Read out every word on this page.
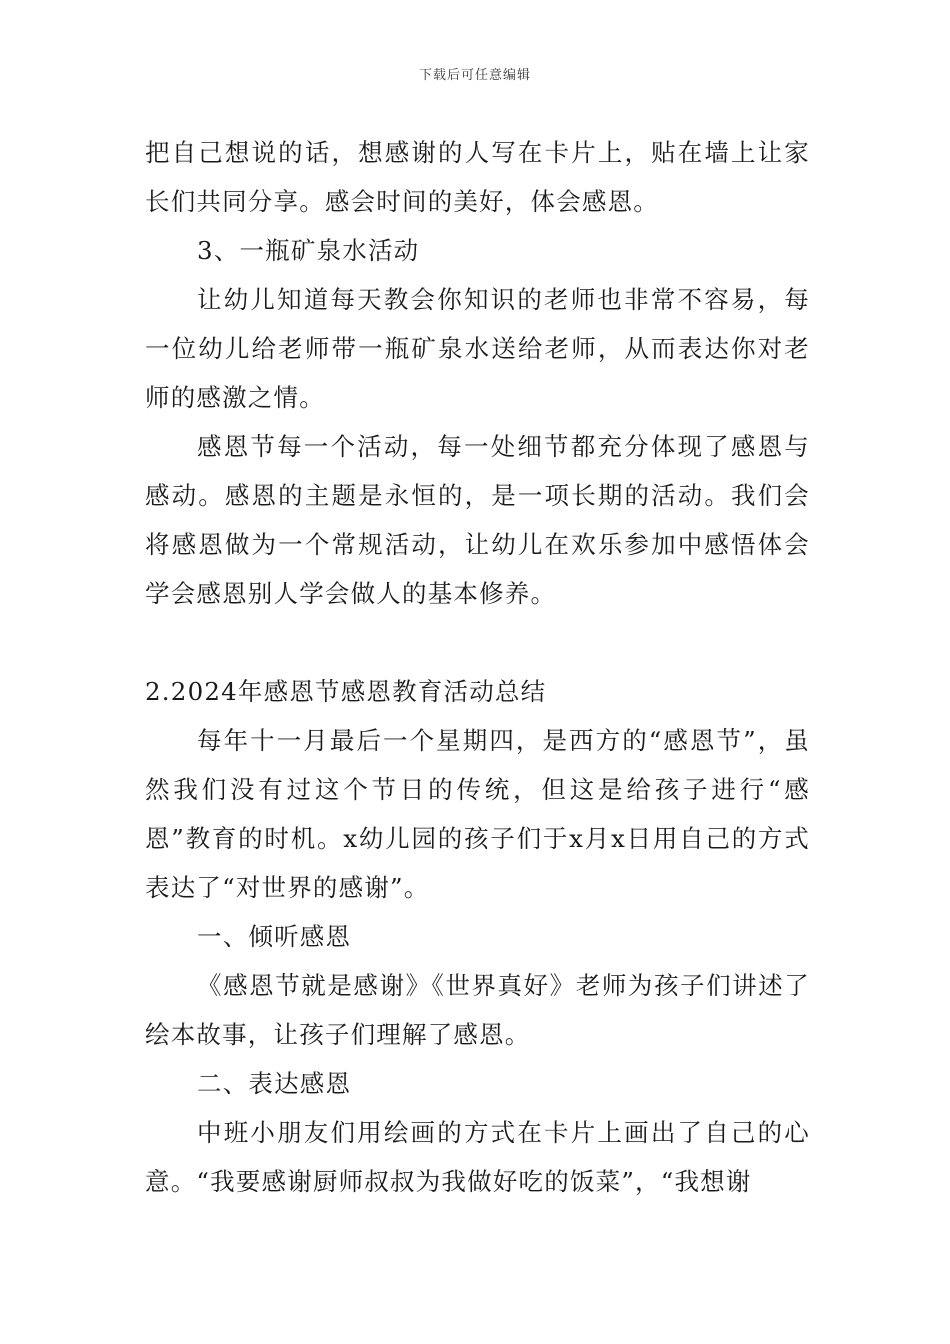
下载后可任意编辑

把自己想说的话，想感谢的人写在卡片上，贴在墙上让家长们共同分享。感会时间的美好，体会感恩。

3、一瓶矿泉水活动

让幼儿知道每天教会你知识的老师也非常不容易，每一位幼儿给老师带一瓶矿泉水送给老师，从而表达你对老师的感激之情。

感恩节每一个活动，每一处细节都充分体现了感恩与感动。感恩的主题是永恒的，是一项长期的活动。我们会将感恩做为一个常规活动，让幼儿在欢乐参加中感悟体会学会感恩别人学会做人的基本修养。

2.2024年感恩节感恩教育活动总结

每年十一月最后一个星期四，是西方的“感恩节”，虽然我们没有过这个节日的传统，但这是给孩子进行“感恩”教育的时机。x幼儿园的孩子们于x月x日用自己的方式表达了“对世界的感谢”。

一、倾听感恩

《感恩节就是感谢》《世界真好》老师为孩子们讲述了绘本故事，让孩子们理解了感恩。

二、表达感恩

中班小朋友们用绘画的方式在卡片上画出了自己的心意。“我要感谢厨师叔叔为我做好吃的饭菜”，“我想谢
